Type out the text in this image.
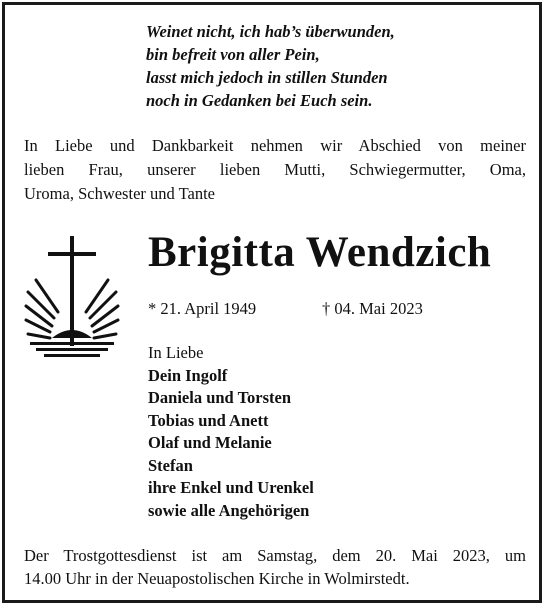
Weinet nicht, ich hab’s überwunden,
bin befreit von aller Pein,
lasst mich jedoch in stillen Stunden
noch in Gedanken bei Euch sein.
In Liebe und Dankbarkeit nehmen wir Abschied von meiner
lieben Frau, unserer lieben Mutti, Schwiegermutter, Oma,
Uroma, Schwester und Tante
Brigitta Wendzich
* 21. April 1949	† 04. Mai 2023
In Liebe
Dein Ingolf
Daniela und Torsten
Tobias und Anett
Olaf und Melanie
Stefan
ihre Enkel und Urenkel
sowie alle Angehörigen
Der Trostgottesdienst ist am Samstag, dem 20. Mai 2023, um
14.00 Uhr in der Neuapostolischen Kirche in Wolmirstedt.
